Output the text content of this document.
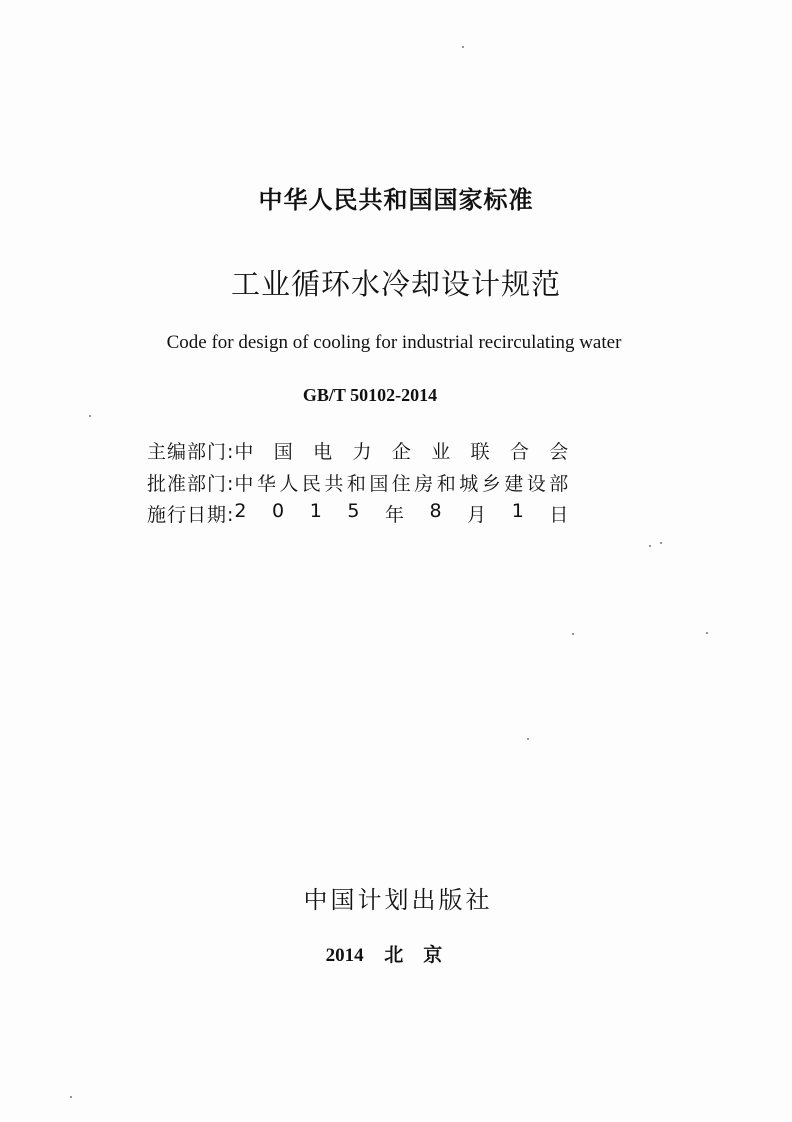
中华人民共和国国家标准
工业循环水冷却设计规范
Code for design of cooling for industrial recirculating water
GB/T 50102-2014
主编部门: 中 国 电 力 企 业 联 合 会
批准部门: 中 华 人 民 共 和 国 住 房 和 城 乡 建 设 部
施行日期: 2 0 1 5 年 8 月 1 日
中国计划出版社
2014 北京
